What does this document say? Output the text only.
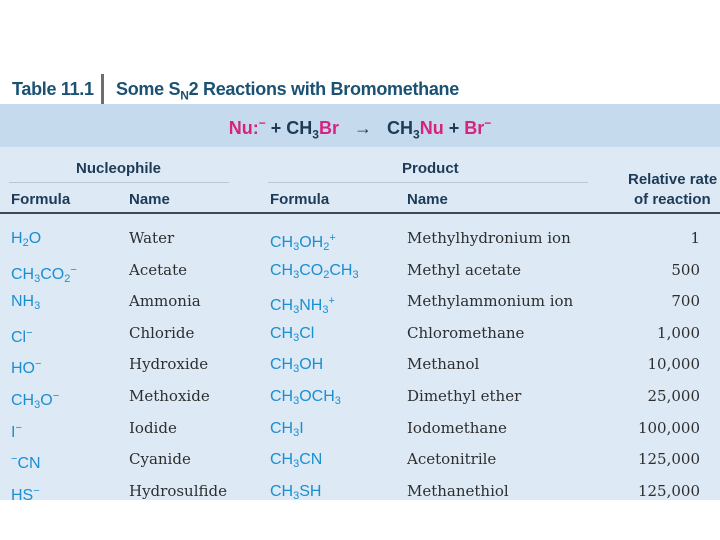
Table 11.1 Some $S_N2$ Reactions with Bromomethane
Nu:− + $CH_3Br \to CH_3Nu + Br^-$
Nucleophile	Product
Relative rate
of reaction
Formula	Name	Formula	Name
$H_2O$	Water	$CH_3OH_2^+$	Methylhydronium ion	1
$CH_3CO_2^-$	Acetate	$CH_3CO_2CH_3$	Methyl acetate	500
$NH_3$	Ammonia	$CH_3NH_3^+$	Methylammonium ion	700
Cl−	Chloride	$CH_3Cl$	Chloromethane	1,000
HO−	Hydroxide	$CH_3OH$	Methanol	10,000
$CH_3O^-$	Methoxide	$CH_3OCH_3$	Dimethyl ether	25,000
I−	Iodide	$CH_3I$	Iodomethane	100,000
−CN	Cyanide	$CH_3CN$	Acetonitrile	125,000
HS−	Hydrosulfide	$CH_3SH$	Methanethiol	125,000
